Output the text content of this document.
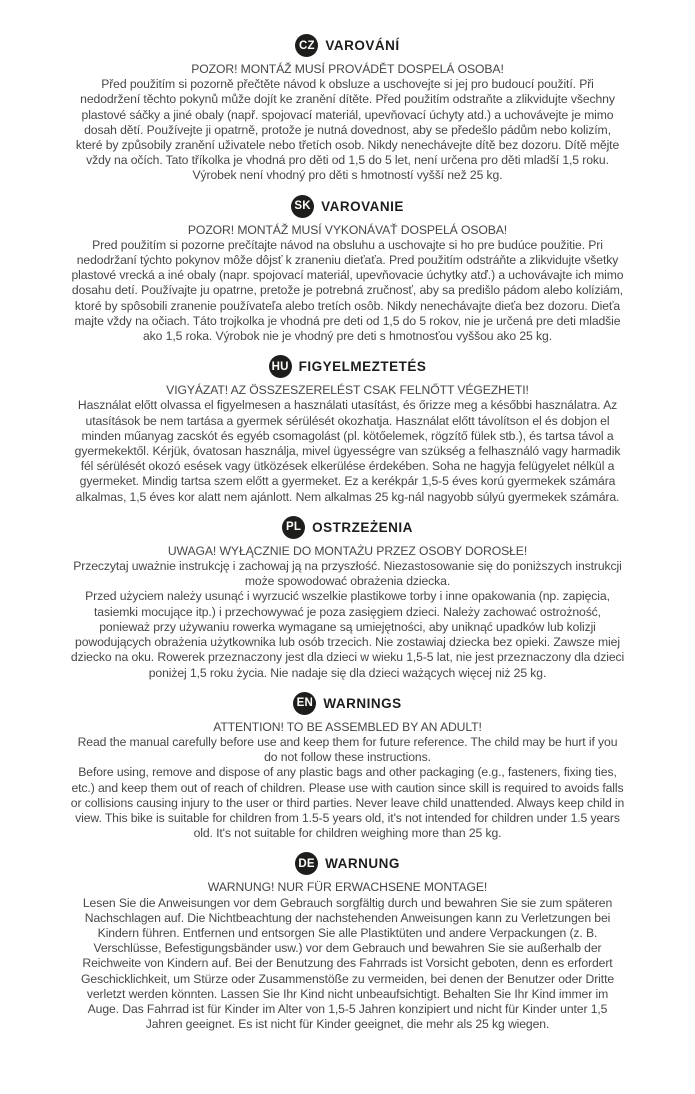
CZ VAROVÁNÍ

POZOR! MONTÁŽ MUSÍ PROVÁDĚT DOSPELÁ OSOBA!

Před použitím si pozorně přečtěte návod k obsluze a uschovejte si jej pro budoucí použití. Při nedodržení těchto pokynů může dojít ke zranění dítěte. Před použitím odstraňte a zlikvidujte všechny plastové sáčky a jiné obaly (např. spojovací materiál, upevňovací úchyty atd.) a uchovávejte je mimo dosah dětí. Používejte ji opatrně, protože je nutná dovednost, aby se předešlo pádům nebo kolizím, které by způsobily zranění uživatele nebo třetích osob. Nikdy nenechávejte dítě bez dozoru. Dítě mějte vždy na očích. Tato tříkolka je vhodná pro děti od 1,5 do 5 let, není určena pro děti mladší 1,5 roku. Výrobek není vhodný pro děti s hmotností vyšší než 25 kg.

SK VAROVANIE

POZOR! MONTÁŽ MUSÍ VYKONÁVAŤ DOSPELÁ OSOBA!

Pred použitím si pozorne prečítajte návod na obsluhu a uschovajte si ho pre budúce použitie. Pri nedodržaní týchto pokynov môže dôjsť k zraneniu dieťaťa. Pred použitím odstráňte a zlikvidujte všetky plastové vrecká a iné obaly (napr. spojovací materiál, upevňovacie úchytky atď.) a uchovávajte ich mimo dosahu detí. Používajte ju opatrne, pretože je potrebná zručnosť, aby sa predišlo pádom alebo kolíziám, ktoré by spôsobili zranenie používateľa alebo tretích osôb. Nikdy nenechávajte dieťa bez dozoru. Dieťa majte vždy na očiach. Táto trojkolka je vhodná pre deti od 1,5 do 5 rokov, nie je určená pre deti mladšie ako 1,5 roka. Výrobok nie je vhodný pre deti s hmotnosťou vyššou ako 25 kg.

HU FIGYELMEZTETÉS

VIGYÁZAT! AZ ÖSSZESZERELÉST CSAK FELNŐTT VÉGEZHETI!

Használat előtt olvassa el figyelmesen a használati utasítást, és őrizze meg a későbbi használatra. Az utasítások be nem tartása a gyermek sérülését okozhatja. Használat előtt távolítson el és dobjon el minden műanyag zacskót és egyéb csomagolást (pl. kötőelemek, rögzítő fülek stb.), és tartsa távol a gyermekektől. Kérjük, óvatosan használja, mivel ügyességre van szükség a felhasználó vagy harmadik fél sérülését okozó esések vagy ütközések elkerülése érdekében. Soha ne hagyja felügyelet nélkül a gyermeket. Mindig tartsa szem előtt a gyermeket. Ez a kerékpár 1,5-5 éves korú gyermekek számára alkalmas, 1,5 éves kor alatt nem ajánlott. Nem alkalmas 25 kg-nál nagyobb súlyú gyermekek számára.

PL OSTRZEŻENIA

UWAGA! WYŁĄCZNIE DO MONTAŻU PRZEZ OSOBY DOROSŁE!

Przeczytaj uważnie instrukcję i zachowaj ją na przyszłość. Niezastosowanie się do poniższych instrukcji może spowodować obrażenia dziecka.

Przed użyciem należy usunąć i wyrzucić wszelkie plastikowe torby i inne opakowania (np. zapięcia, tasiemki mocujące itp.) i przechowywać je poza zasięgiem dzieci. Należy zachować ostrożność, ponieważ przy używaniu rowerka wymagane są umiejętności, aby uniknąć upadków lub kolizji powodujących obrażenia użytkownika lub osób trzecich. Nie zostawiaj dziecka bez opieki. Zawsze miej dziecko na oku. Rowerek przeznaczony jest dla dzieci w wieku 1,5-5 lat, nie jest przeznaczony dla dzieci poniżej 1,5 roku życia. Nie nadaje się dla dzieci ważących więcej niż 25 kg.

EN WARNINGS

ATTENTION! TO BE ASSEMBLED BY AN ADULT!

Read the manual carefully before use and keep them for future reference. The child may be hurt if you do not follow these instructions.

Before using, remove and dispose of any plastic bags and other packaging (e.g., fasteners, fixing ties, etc.) and keep them out of reach of children. Please use with caution since skill is required to avoids falls or collisions causing injury to the user or third parties. Never leave child unattended. Always keep child in view. This bike is suitable for children from 1.5-5 years old, it's not intended for children under 1.5 years old. It's not suitable for children weighing more than 25 kg.

DE WARNUNG

WARNUNG! NUR FÜR ERWACHSENE MONTAGE!

Lesen Sie die Anweisungen vor dem Gebrauch sorgfältig durch und bewahren Sie sie zum späteren Nachschlagen auf. Die Nichtbeachtung der nachstehenden Anweisungen kann zu Verletzungen bei Kindern führen. Entfernen und entsorgen Sie alle Plastiktüten und andere Verpackungen (z. B. Verschlüsse, Befestigungsbänder usw.) vor dem Gebrauch und bewahren Sie sie außerhalb der Reichweite von Kindern auf. Bei der Benutzung des Fahrrads ist Vorsicht geboten, denn es erfordert Geschicklichkeit, um Stürze oder Zusammenstöße zu vermeiden, bei denen der Benutzer oder Dritte verletzt werden könnten. Lassen Sie Ihr Kind nicht unbeaufsichtigt. Behalten Sie Ihr Kind immer im Auge. Das Fahrrad ist für Kinder im Alter von 1,5-5 Jahren konzipiert und nicht für Kinder unter 1,5 Jahren geeignet. Es ist nicht für Kinder geeignet, die mehr als 25 kg wiegen.
